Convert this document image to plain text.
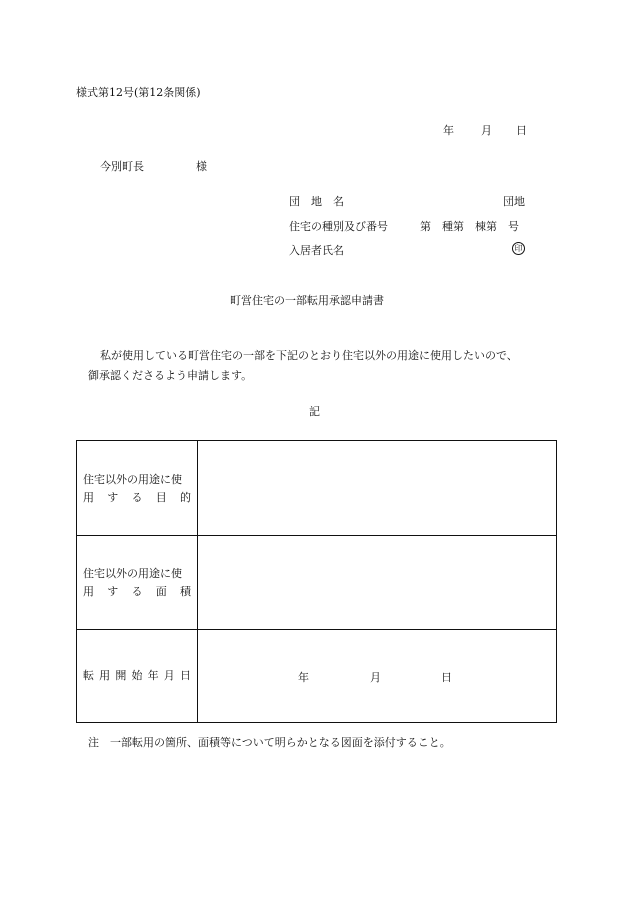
様式第12号(第12条関係)
年 月 日
今別町長	様
団　地　名	団地
住宅の種別及び番号	第　種第　棟第　号
入居者氏名	印
町営住宅の一部転用承認申請書
私が使用している町営住宅の一部を下記のとおり住宅以外の用途に使用したいので、
御承認くださるよう申請します。
記
住宅以外の用途に使
用 す る 目 的
住宅以外の用途に使
用 す る 面 積
転 用 開 始 年 月 日	年	月	日
注　一部転用の箇所、面積等について明らかとなる図面を添付すること。
